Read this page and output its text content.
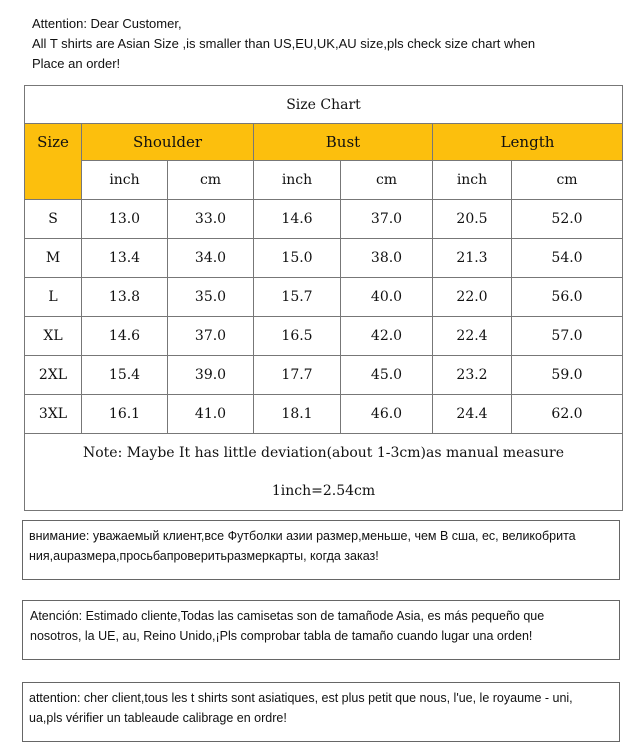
Attention: Dear Customer,
All T shirts are Asian Size ,is smaller than US,EU,UK,AU size,pls check size chart when
Place an order!
Size Chart						
Size	Shoulder		Bust		Length	
	inch	cm	inch	cm	inch	cm
S	13.0	33.0	14.6	37.0	20.5	52.0
M	13.4	34.0	15.0	38.0	21.3	54.0
L	13.8	35.0	15.7	40.0	22.0	56.0
XL	14.6	37.0	16.5	42.0	22.4	57.0
2XL	15.4	39.0	17.7	45.0	23.2	59.0
3XL	16.1	41.0	18.1	46.0	24.4	62.0
Note: Maybe It has little deviation(about 1-3cm)as manual measure						
1inch=2.54cm						
внимание: уважаемый клиент,все Футболки азии размер,меньше, чем В сша, ес, великобрита
ния,аuразмера,просьбапроверитьразмеркарты, когда заказ!
Atención: Estimado cliente,Todas las camisetas son de tamañode Asia, es más pequeño que
nosotros, la UE, au, Reino Unido,¡Pls comprobar tabla de tamaño cuando lugar una orden!
attention: cher client,tous les t shirts sont asiatiques, est plus petit que nous, l'ue, le royaume - uni,
ua,pls vérifier un tableaude calibrage en ordre!
